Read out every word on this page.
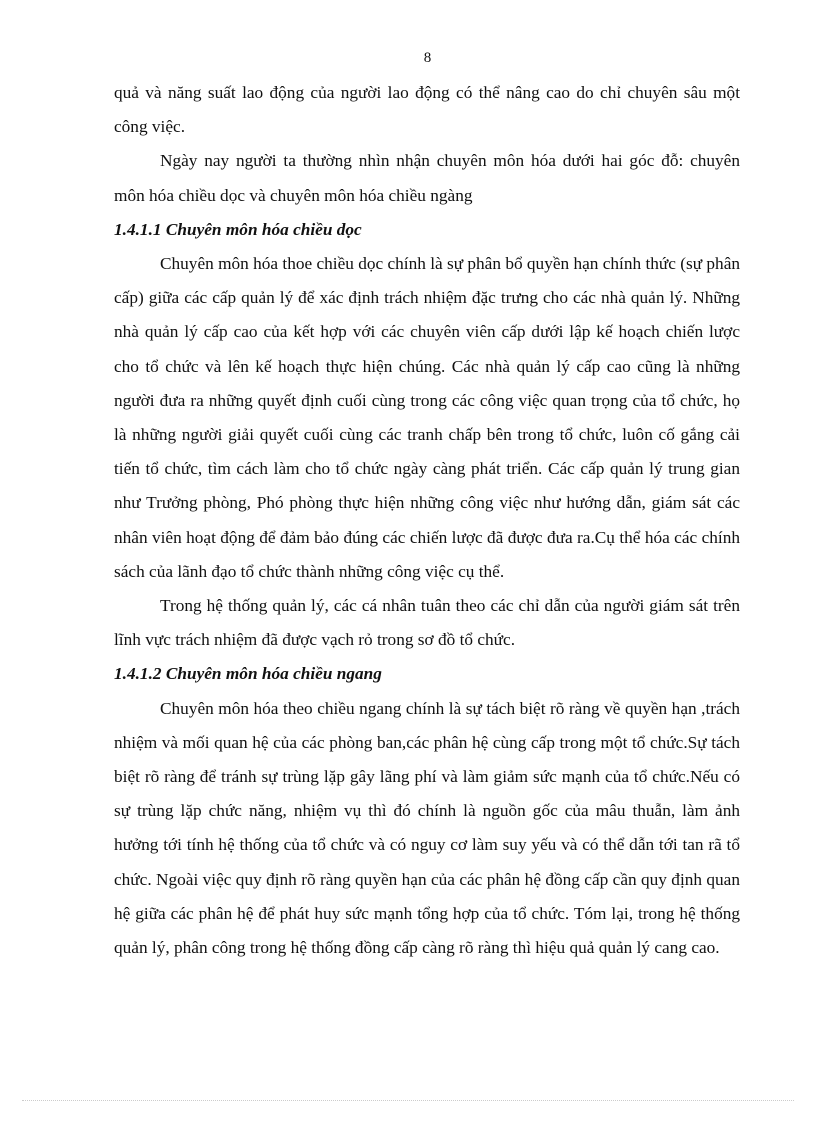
8

quả và năng suất lao động của người lao động có thể nâng cao do chỉ chuyên sâu một công việc.

Ngày nay người ta thường nhìn nhận chuyên môn hóa dưới hai góc đỗ: chuyên môn hóa chiều dọc và chuyên môn hóa chiều ngàng

1.4.1.1 Chuyên môn hóa chiều dọc

Chuyên môn hóa thoe chiều dọc chính là sự phân bổ quyền hạn chính thức (sự phân cấp) giữa các cấp quản lý để xác định trách nhiệm đặc trưng cho các nhà quản lý. Những nhà quản lý cấp cao của kết hợp với các chuyên viên cấp dưới lập kế hoạch chiến lược cho tổ chức và lên kế hoạch thực hiện chúng. Các nhà quản lý cấp cao cũng là những người đưa ra những quyết định cuối cùng trong các công việc quan trọng của tổ chức, họ là những người giải quyết cuối cùng các tranh chấp bên trong tổ chức, luôn cố gắng cải tiến tổ chức, tìm cách làm cho tổ chức ngày càng phát triển. Các cấp quản lý trung gian như Trưởng phòng, Phó phòng thực hiện những công việc như hướng dẫn, giám sát các nhân viên hoạt động để đảm bảo đúng các chiến lược đã được đưa ra.Cụ thể hóa các chính sách của lãnh đạo tổ chức thành những công việc cụ thể.

Trong hệ thống quản lý, các cá nhân tuân theo các chỉ dẫn của người giám sát trên lĩnh vực trách nhiệm đã được vạch rỏ trong sơ đồ tổ chức.

1.4.1.2 Chuyên môn hóa chiều ngang

Chuyên môn hóa theo chiều ngang chính là sự tách biệt rõ ràng về quyền hạn ,trách nhiệm và mối quan hệ của các phòng ban,các phân hệ cùng cấp trong một tổ chức.Sự tách biệt rõ ràng để tránh sự trùng lặp gây lãng phí và làm giảm sức mạnh của tổ chức.Nếu có sự trùng lặp chức năng, nhiệm vụ thì đó chính là nguồn gốc của mâu thuẫn, làm ảnh hưởng tới tính hệ thống của tổ chức và có nguy cơ làm suy yếu và có thể dẫn tới tan rã tổ chức. Ngoài việc quy định rõ ràng quyền hạn của các phân hệ đồng cấp cần quy định quan hệ giữa các phân hệ để phát huy sức mạnh tổng hợp của tổ chức. Tóm lại, trong hệ thống quản lý, phân công trong hệ thống đồng cấp càng rõ ràng thì hiệu quả quản lý cang cao.
